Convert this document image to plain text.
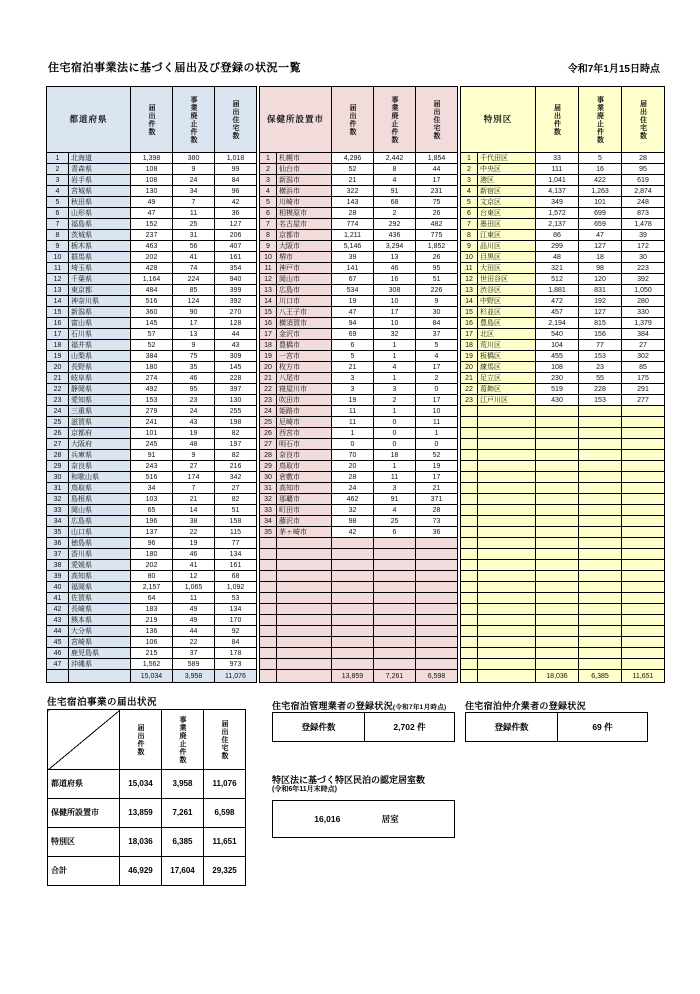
住宅宿泊事業法に基づく届出及び登録の状況一覧	令和7年1月15日時点
都道府県		届出件数	事業廃止件数	届出住宅数
1	北海道	1,398	380	1,018
2	青森県	108	9	99
3	岩手県	108	24	84
4	宮城県	130	34	96
5	秋田県	49	7	42
6	山形県	47	11	36
7	福島県	152	25	127
8	茨城県	237	31	206
9	栃木県	463	56	407
10	群馬県	202	41	161
11	埼玉県	428	74	354
12	千葉県	1,164	224	940
13	東京都	484	85	399
14	神奈川県	516	124	392
15	新潟県	360	90	270
16	富山県	145	17	128
17	石川県	57	13	44
18	福井県	52	9	43
19	山梨県	384	75	309
20	長野県	180	35	145
21	岐阜県	274	46	228
22	静岡県	492	95	397
23	愛知県	153	23	130
24	三重県	279	24	255
25	滋賀県	241	43	198
26	京都府	101	19	82
27	大阪府	245	48	197
28	兵庫県	91	9	82
29	奈良県	243	27	216
30	和歌山県	516	174	342
31	鳥取県	34	7	27
32	島根県	103	21	82
33	岡山県	65	14	51
34	広島県	196	38	158
35	山口県	137	22	115
36	徳島県	96	19	77
37	香川県	180	46	134
38	愛媛県	202	41	161
39	高知県	80	12	68
40	福岡県	2,157	1,065	1,092
41	佐賀県	64	11	53
42	長崎県	183	49	134
43	熊本県	219	49	170
44	大分県	136	44	92
45	宮崎県	106	22	84
46	鹿児島県	215	37	178
47	沖縄県	1,562	589	973
		15,034	3,958	11,076
保健所設置市		届出件数	事業廃止件数	届出住宅数
1	札幌市	4,296	2,442	1,854
2	仙台市	52	8	44
3	新潟市	21	4	17
4	横浜市	322	91	231
5	川崎市	143	68	75
6	相模原市	28	2	26
7	名古屋市	774	292	482
8	京都市	1,211	436	775
9	大阪市	5,146	3,294	1,852
10	堺市	39	13	26
11	神戸市	141	46	95
12	岡山市	67	16	51
13	広島市	534	308	226
14	川口市	19	10	9
15	八王子市	47	17	30
16	横須賀市	94	10	84
17	金沢市	69	32	37
18	豊橋市	6	1	5
19	一宮市	5	1	4
20	枚方市	21	4	17
21	八尾市	3	1	2
22	寝屋川市	3	3	0
23	吹田市	19	2	17
24	姫路市	11	1	10
25	尼崎市	11	0	11
26	西宮市	1	0	1
27	明石市	0	0	0
28	奈良市	70	18	52
29	鳥取市	20	1	19
30	倉敷市	28	11	17
31	高知市	24	3	21
32	那覇市	462	91	371
33	町田市	32	4	28
34	藤沢市	98	25	73
35	茅ヶ崎市	42	6	36

		13,859	7,261	6,598
特別区		届出件数	事業廃止件数	届出住宅数
1	千代田区	33	5	28
2	中央区	111	16	95
3	港区	1,041	422	619
4	新宿区	4,137	1,263	2,874
5	文京区	349	101	248
6	台東区	1,572	699	873
7	墨田区	2,137	659	1,478
8	江東区	86	47	39
9	品川区	299	127	172
10	目黒区	48	18	30
11	大田区	321	98	223
12	世田谷区	512	120	392
13	渋谷区	1,881	831	1,050
14	中野区	472	192	280
15	杉並区	457	127	330
16	豊島区	2,194	815	1,379
17	北区	540	156	384
18	荒川区	104	77	27
19	板橋区	455	153	302
20	練馬区	108	23	85
21	足立区	230	55	175
22	葛飾区	519	228	291
23	江戸川区	430	153	277

		18,036	6,385	11,651
住宅宿泊事業の届出状況
	届出件数	事業廃止件数	届出住宅数
都道府県	15,034	3,958	11,076
保健所設置市	13,859	7,261	6,598
特別区	18,036	6,385	11,651
合計	46,929	17,604	29,325
住宅宿泊管理業者の登録状況(令和7年1月時点)
登録件数	2,702
件
住宅宿泊仲介業者の登録状況
登録件数	69
件
特区法に基づく特区民泊の認定居室数
(令和6年11月末時点)
16,016	居室
